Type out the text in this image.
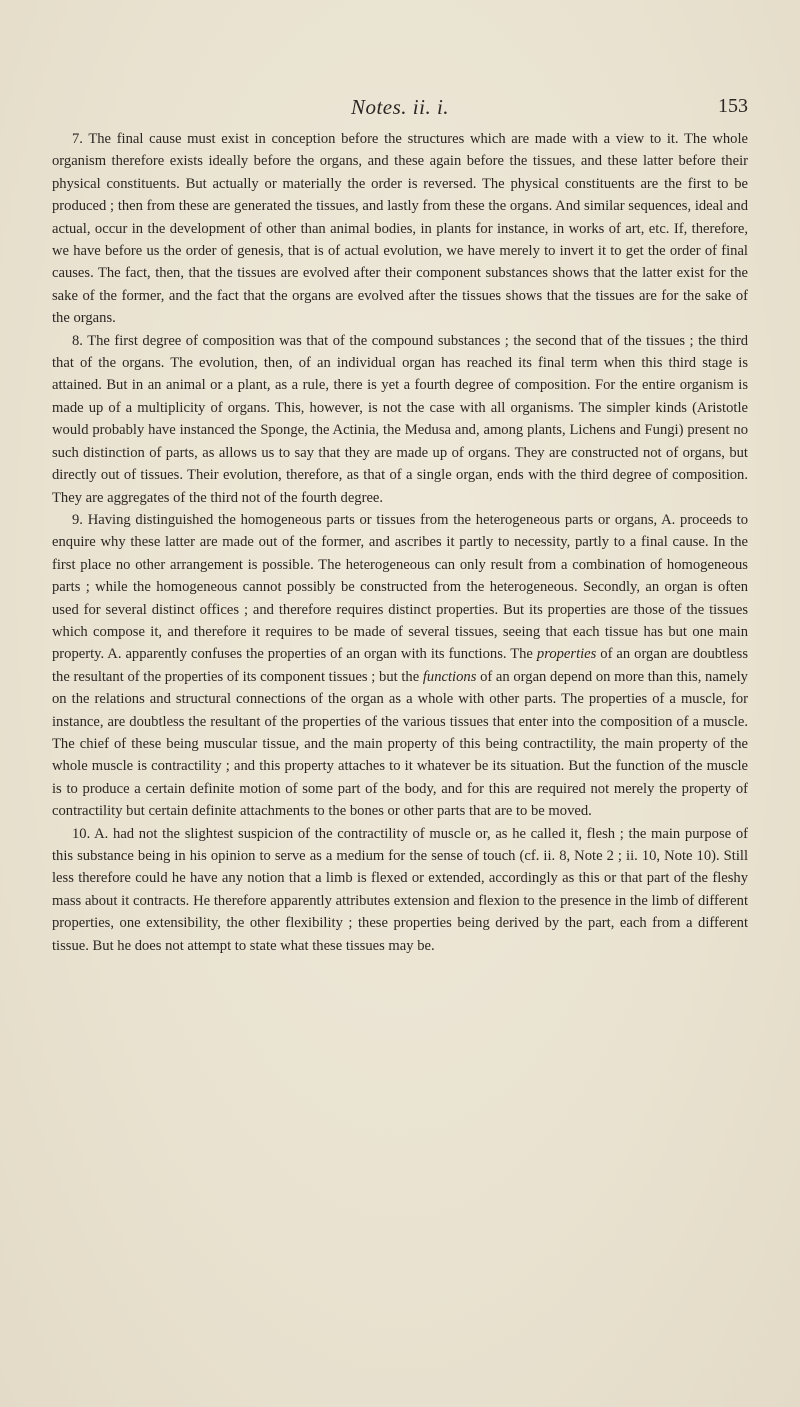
Notes. ii. i.	153

7. The final cause must exist in conception before the structures which are made with a view to it. The whole organism therefore exists ideally before the organs, and these again before the tissues, and these latter before their physical constituents. But actually or materially the order is reversed. The physical constituents are the first to be produced ; then from these are generated the tissues, and lastly from these the organs. And similar sequences, ideal and actual, occur in the development of other than animal bodies, in plants for instance, in works of art, etc. If, therefore, we have before us the order of genesis, that is of actual evolution, we have merely to invert it to get the order of final causes. The fact, then, that the tissues are evolved after their component substances shows that the latter exist for the sake of the former, and the fact that the organs are evolved after the tissues shows that the tissues are for the sake of the organs.

8. The first degree of composition was that of the compound substances ; the second that of the tissues ; the third that of the organs. The evolution, then, of an individual organ has reached its final term when this third stage is attained. But in an animal or a plant, as a rule, there is yet a fourth degree of composition. For the entire organism is made up of a multiplicity of organs. This, however, is not the case with all organisms. The simpler kinds (Aristotle would probably have instanced the Sponge, the Actinia, the Medusa and, among plants, Lichens and Fungi) present no such distinction of parts, as allows us to say that they are made up of organs. They are constructed not of organs, but directly out of tissues. Their evolution, therefore, as that of a single organ, ends with the third degree of composition. They are aggregates of the third not of the fourth degree.

9. Having distinguished the homogeneous parts or tissues from the heterogeneous parts or organs, A. proceeds to enquire why these latter are made out of the former, and ascribes it partly to necessity, partly to a final cause. In the first place no other arrangement is possible. The heterogeneous can only result from a combination of homogeneous parts ; while the homogeneous cannot possibly be constructed from the heterogeneous. Secondly, an organ is often used for several distinct offices ; and therefore requires distinct properties. But its properties are those of the tissues which compose it, and therefore it requires to be made of several tissues, seeing that each tissue has but one main property. A. apparently confuses the properties of an organ with its functions. The properties of an organ are doubtless the resultant of the properties of its component tissues ; but the functions of an organ depend on more than this, namely on the relations and structural connections of the organ as a whole with other parts. The properties of a muscle, for instance, are doubtless the resultant of the properties of the various tissues that enter into the composition of a muscle. The chief of these being muscular tissue, and the main property of this being contractility, the main property of the whole muscle is contractility ; and this property attaches to it whatever be its situation. But the function of the muscle is to produce a certain definite motion of some part of the body, and for this are required not merely the property of contractility but certain definite attachments to the bones or other parts that are to be moved.

10. A. had not the slightest suspicion of the contractility of muscle or, as he called it, flesh ; the main purpose of this substance being in his opinion to serve as a medium for the sense of touch (cf. ii. 8, Note 2 ; ii. 10, Note 10). Still less therefore could he have any notion that a limb is flexed or extended, accordingly as this or that part of the fleshy mass about it contracts. He therefore apparently attributes extension and flexion to the presence in the limb of different properties, one extensibility, the other flexibility ; these properties being derived by the part, each from a different tissue. But he does not attempt to state what these tissues may be.
